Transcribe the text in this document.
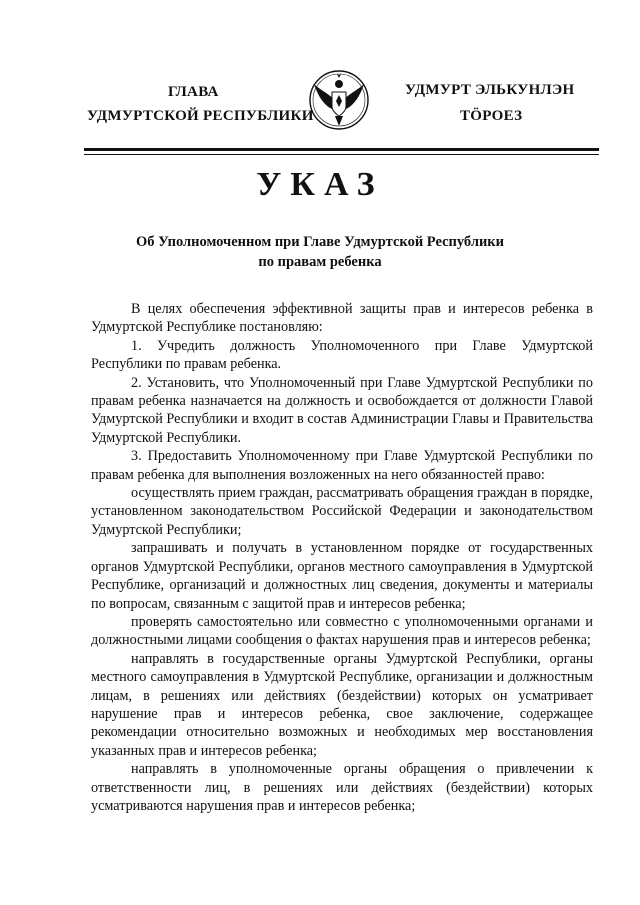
ГЛАВА
УДМУРТСКОЙ РЕСПУБЛИКИ
УДМУРТ ЭЛЬКУНЛЭН
ТӦРОЕЗ
УКАЗ
Об Уполномоченном при Главе Удмуртской Республики
по правам ребенка

В целях обеспечения эффективной защиты прав и интересов ребенка в Удмуртской Республике постановляю:

1. Учредить должность Уполномоченного при Главе Удмуртской Республики по правам ребенка.

2. Установить, что Уполномоченный при Главе Удмуртской Республики по правам ребенка назначается на должность и освобождается от должности Главой Удмуртской Республики и входит в состав Администрации Главы и Правительства Удмуртской Республики.

3. Предоставить Уполномоченному при Главе Удмуртской Республики по правам ребенка для выполнения возложенных на него обязанностей право:

осуществлять прием граждан, рассматривать обращения граждан в порядке, установленном законодательством Российской Федерации и законодательством Удмуртской Республики;

запрашивать и получать в установленном порядке от государственных органов Удмуртской Республики, органов местного самоуправления в Удмуртской Республике, организаций и должностных лиц сведения, документы и материалы по вопросам, связанным с защитой прав и интересов ребенка;

проверять самостоятельно или совместно с уполномоченными органами и должностными лицами сообщения о фактах нарушения прав и интересов ребенка;

направлять в государственные органы Удмуртской Республики, органы местного самоуправления в Удмуртской Республике, организации и должностным лицам, в решениях или действиях (бездействии) которых он усматривает нарушение прав и интересов ребенка, свое заключение, содержащее рекомендации относительно возможных и необходимых мер восстановления указанных прав и интересов ребенка;

направлять в уполномоченные органы обращения о привлечении к ответственности лиц, в решениях или действиях (бездействии) которых усматриваются нарушения прав и интересов ребенка;
